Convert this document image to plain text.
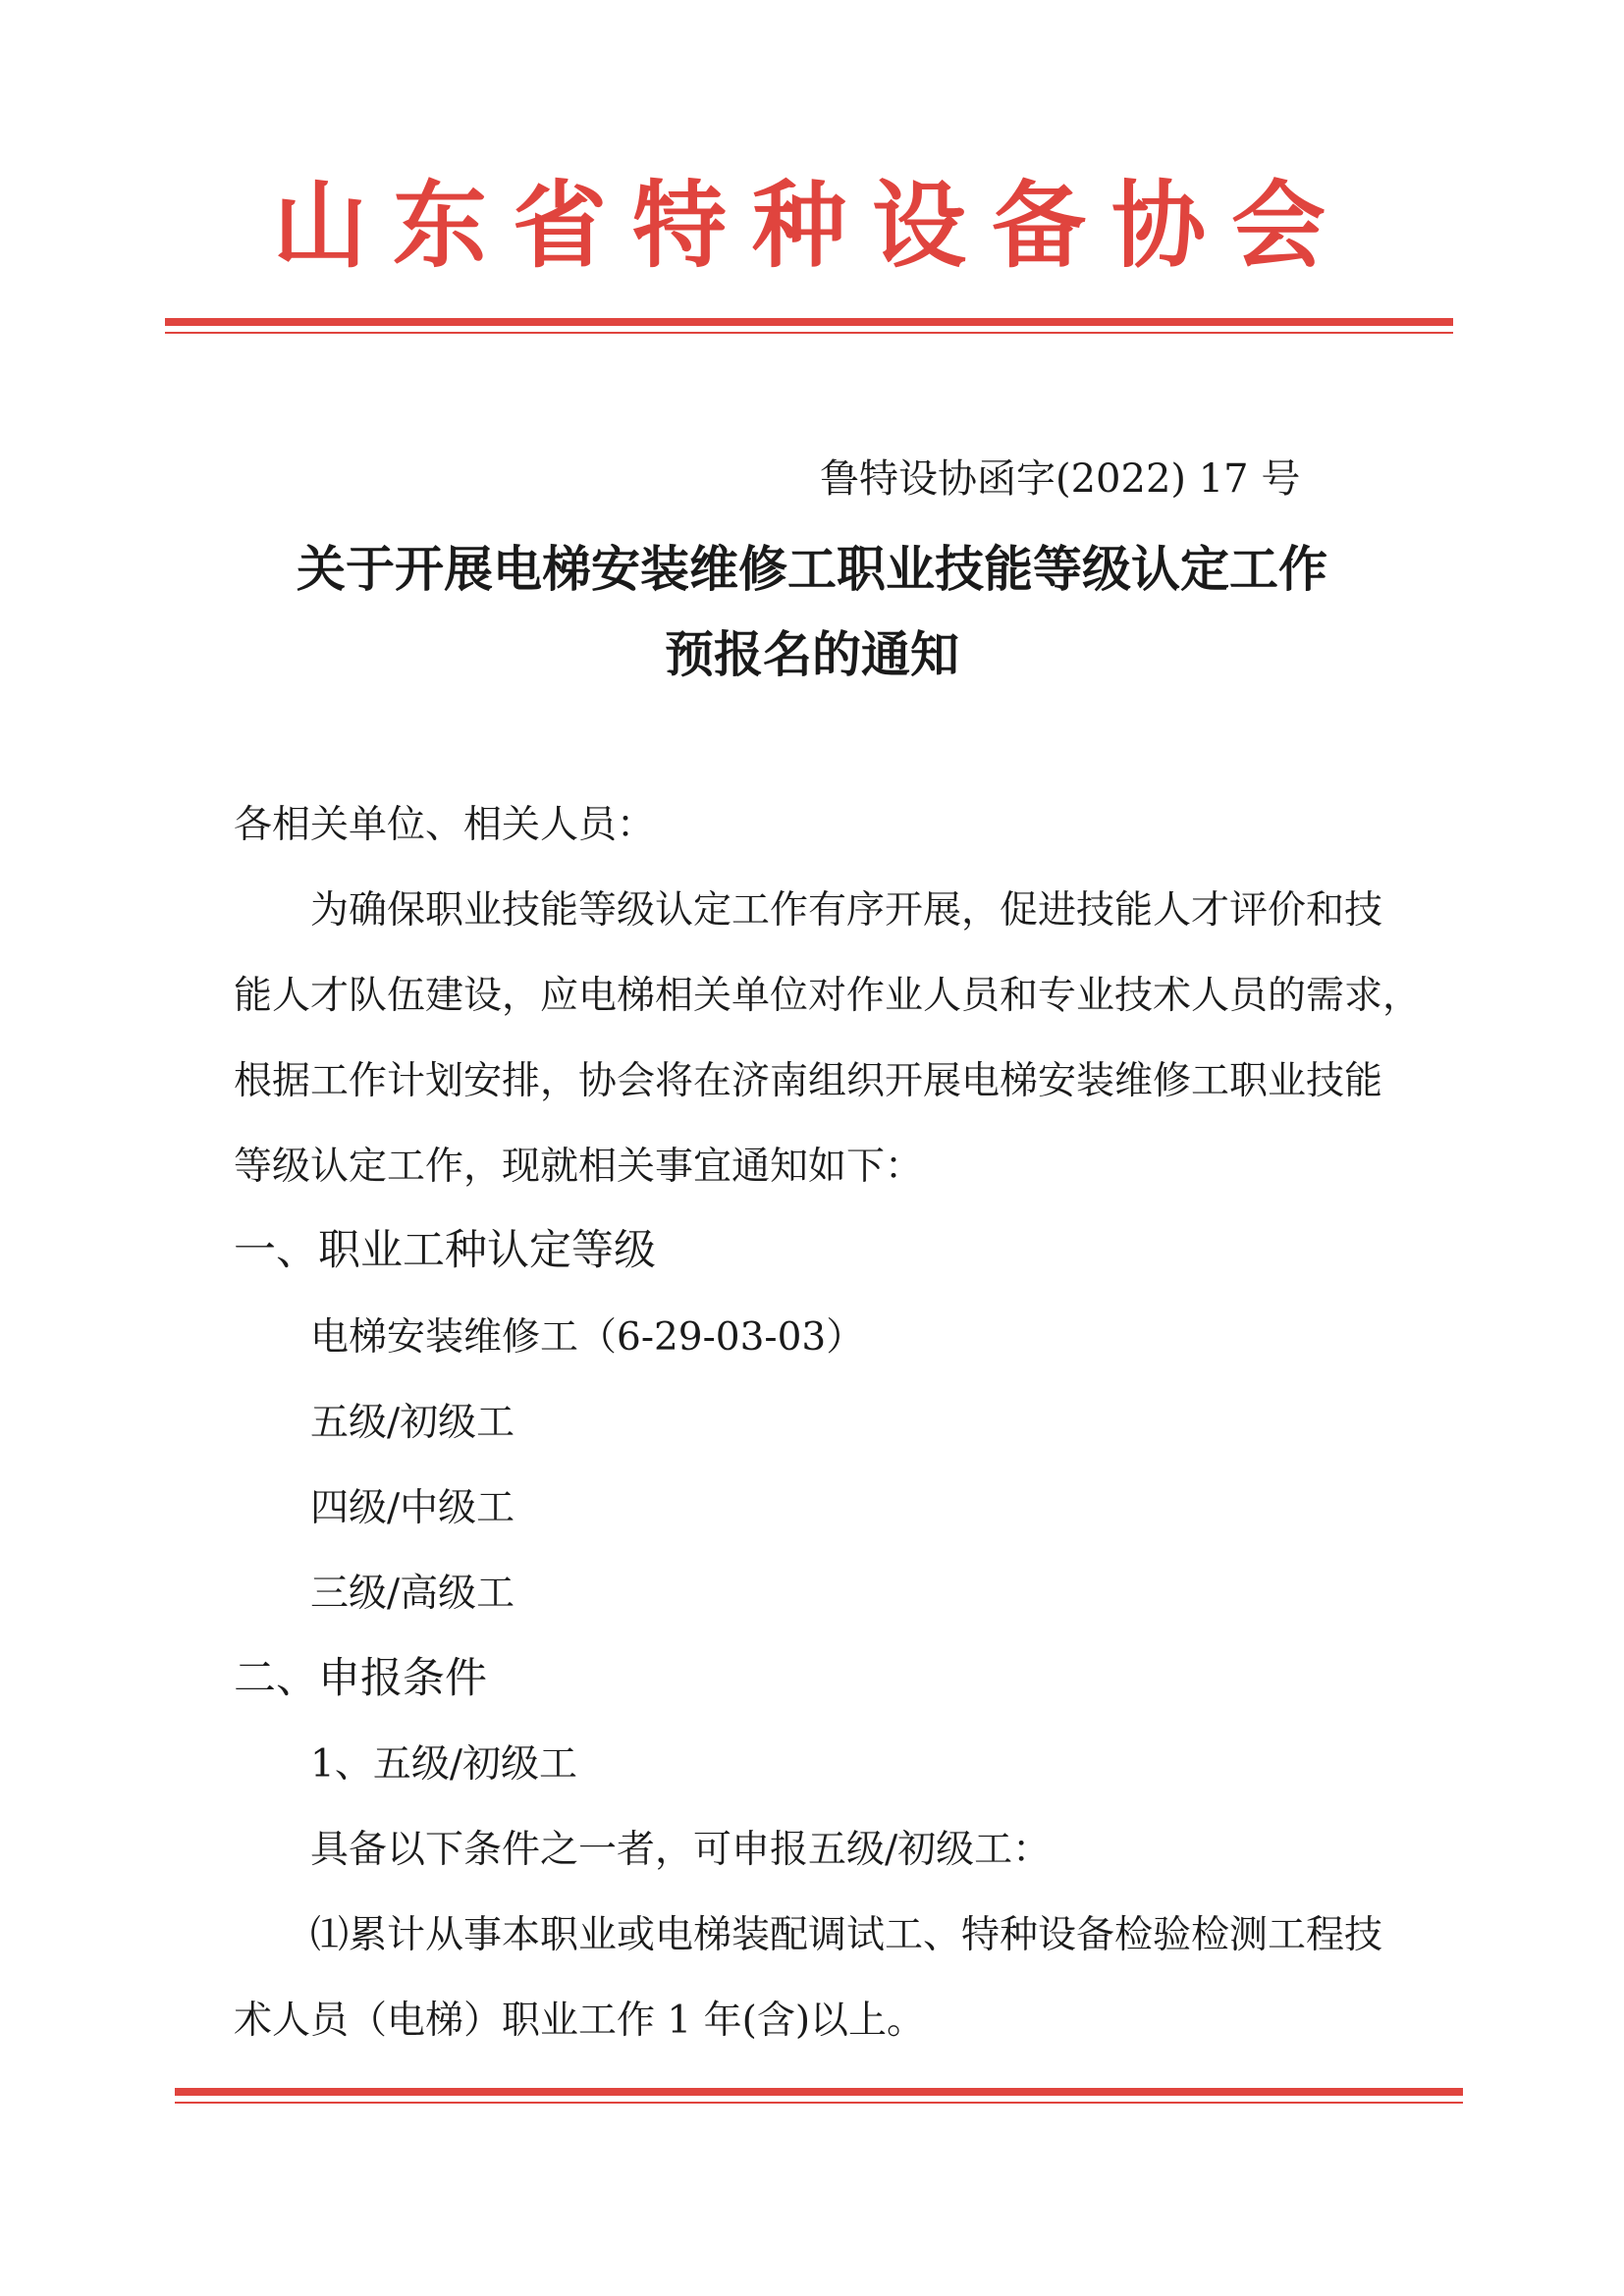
山东省特种设备协会
鲁特设协函字(2022) 17 号
关于开展电梯安装维修工职业技能等级认定工作
预报名的通知
各相关单位、相关人员：
为确保职业技能等级认定工作有序开展，促进技能人才评价和技
能人才队伍建设，应电梯相关单位对作业人员和专业技术人员的需求，
根据工作计划安排，协会将在济南组织开展电梯安装维修工职业技能
等级认定工作，现就相关事宜通知如下：
一、职业工种认定等级
电梯安装维修工（6-29-03-03）
五级/初级工
四级/中级工
三级/高级工
二、申报条件
1、五级/初级工
具备以下条件之一者，可申报五级/初级工：
⑴累计从事本职业或电梯装配调试工、特种设备检验检测工程技
术人员（电梯）职业工作 1 年(含)以上。
